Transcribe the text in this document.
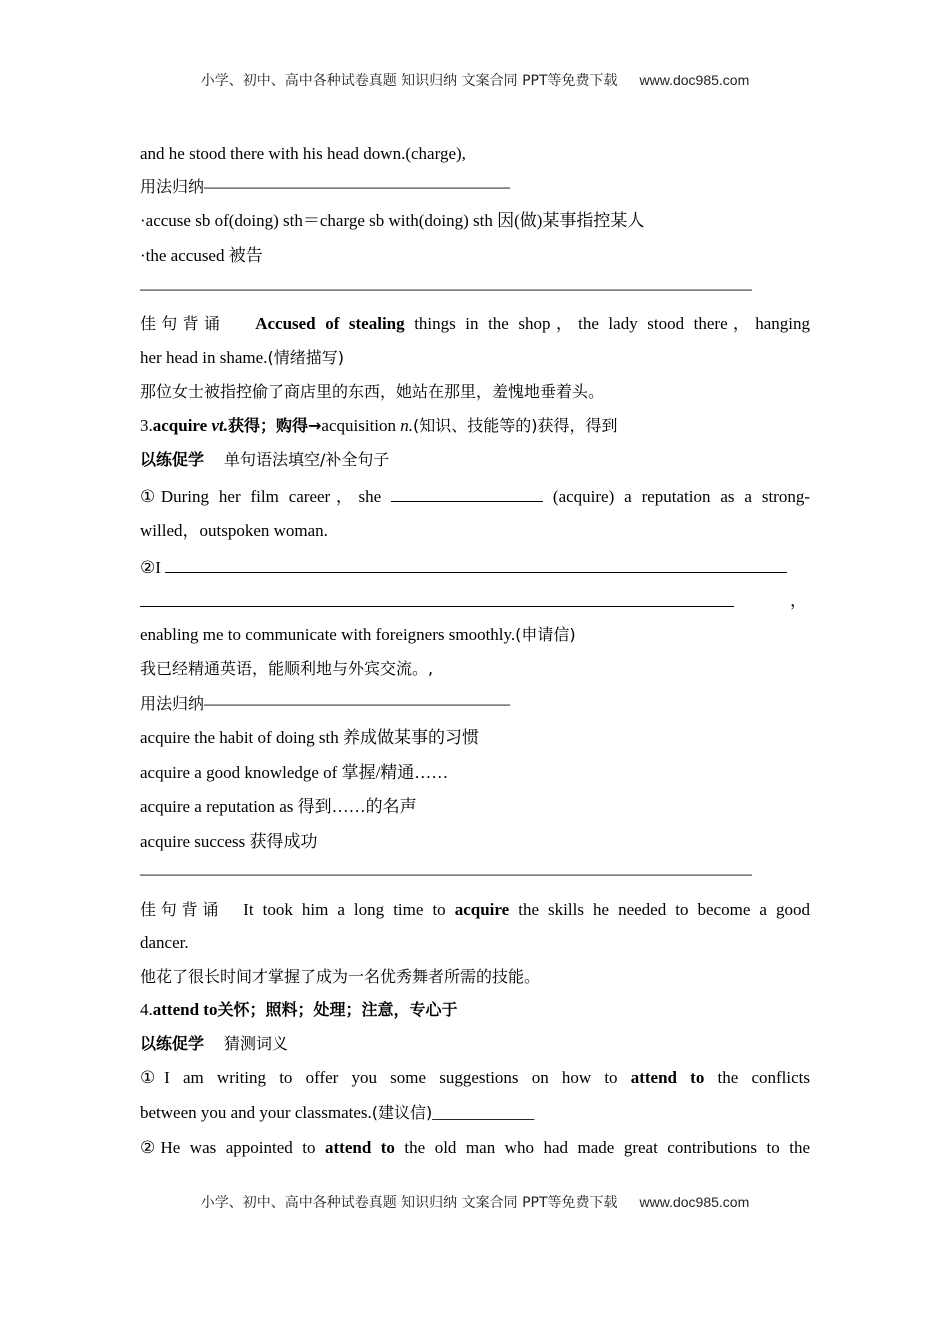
小学、初中、高中各种试卷真题 知识归纳 文案合同 PPT等免费下载 www.doc985.com
and he stood there with his head down.(charge),
用法归纳——————————————————
·accuse sb of(doing) sth＝charge sb with(doing) sth 因(做)某事指控某人
·the accused 被告
————————————————————————————————————
佳句背诵 Accused of stealing things in the shop，the lady stood there，hanging
her head in shame.(情绪描写)
那位女士被指控偷了商店里的东西，她站在那里，羞愧地垂着头。
3.acquire vt.获得；购得→acquisition n.(知识、技能等的)获得，得到
以练促学 单句语法填空/补全句子
①During her film career，she	(acquire) a reputation as a strong-
willed，outspoken woman.
②I
，
enabling me to communicate with foreigners smoothly.(申请信)
我已经精通英语，能顺利地与外宾交流。,
用法归纳——————————————————
acquire the habit of doing sth 养成做某事的习惯
acquire a good knowledge of 掌握/精通……
acquire a reputation as 得到……的名声
acquire success 获得成功
————————————————————————————————————
佳句背诵 It took him a long time to acquire the skills he needed to become a good
dancer.
他花了很长时间才掌握了成为一名优秀舞者所需的技能。
4.attend to关怀；照料；处理；注意，专心于
以练促学 猜测词义
①I am writing to offer you some suggestions on how to attend to the conflicts
between you and your classmates.(建议信)____________
②He was appointed to attend to the old man who had made great contributions to the
小学、初中、高中各种试卷真题 知识归纳 文案合同 PPT等免费下载 www.doc985.com
